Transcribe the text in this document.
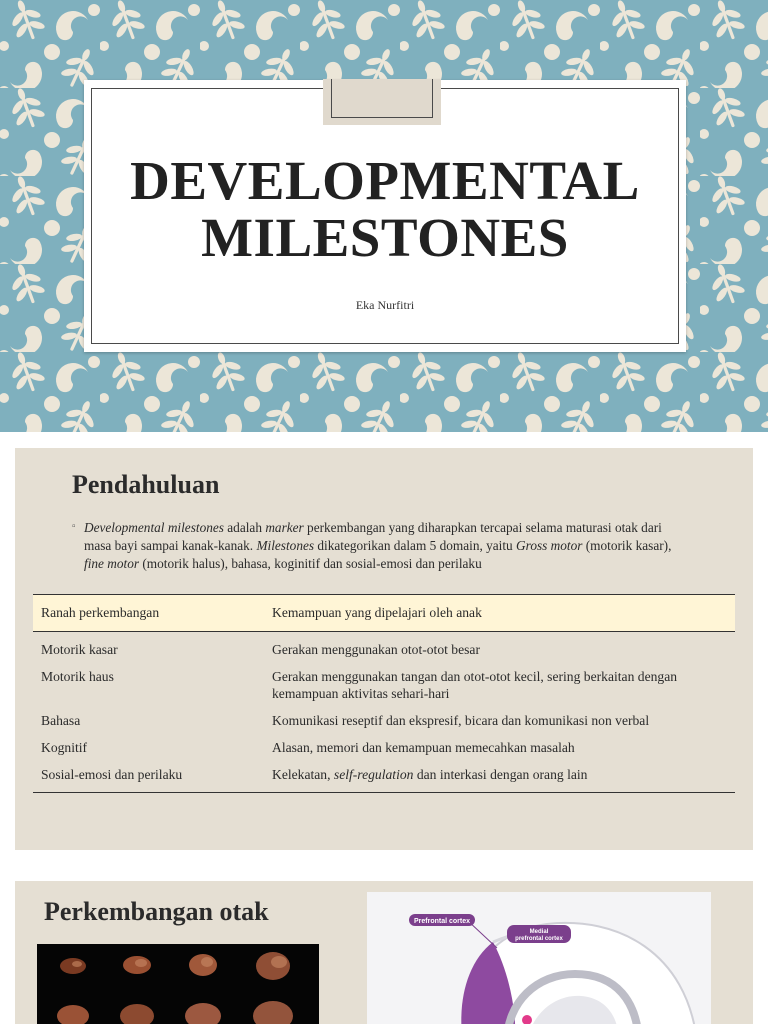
DEVELOPMENTAL
MILESTONES
Eka Nurfitri
Pendahuluan
▫ Developmental milestones adalah marker perkembangan yang diharapkan tercapai selama maturasi otak dari masa bayi sampai kanak-kanak. Milestones dikategorikan dalam 5 domain, yaitu Gross motor (motorik kasar), fine motor (motorik halus), bahasa, koginitif dan sosial-emosi dan perilaku
Ranah perkembangan	Kemampuan yang dipelajari oleh anak
Motorik kasar	Gerakan menggunakan otot-otot besar
Motorik haus	Gerakan menggunakan tangan dan otot-otot kecil, sering berkaitan dengan kemampuan aktivitas sehari-hari
Bahasa	Komunikasi reseptif dan ekspresif, bicara dan komunikasi non verbal
Kognitif	Alasan, memori dan kemampuan memecahkan masalah
Sosial-emosi dan perilaku	Kelekatan, self-regulation dan interkasi dengan orang lain
Perkembangan otak	Prefrontal cortex
Medial
prefrontal cortex
